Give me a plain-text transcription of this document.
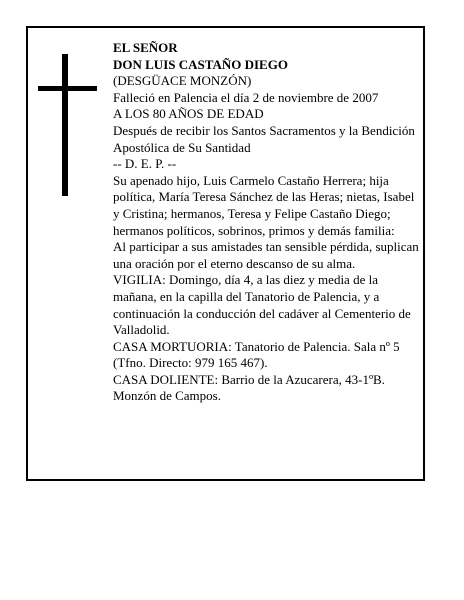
EL SEÑOR

DON LUIS CASTAÑO DIEGO

(DESGÜACE MONZÓN)

Falleció en Palencia el día 2 de noviembre de 2007

A LOS 80 AÑOS DE EDAD

Después de recibir los Santos Sacramentos y la Bendición Apostólica de Su Santidad

-- D. E. P. --

Su apenado hijo, Luis Carmelo Castaño Herrera; hija política, María Teresa Sánchez de las Heras; nietas, Isabel y Cristina; hermanos, Teresa y Felipe Castaño Diego; hermanos políticos, sobrinos, primos y demás familia:

Al participar a sus amistades tan sensible pérdida, suplican una oración por el eterno descanso de su alma.

VIGILIA: Domingo, día 4, a las diez y media de la mañana, en la capilla del Tanatorio de Palencia, y a continuación la conducción del cadáver al Cementerio de Valladolid.

CASA MORTUORIA: Tanatorio de Palencia. Sala nº 5 (Tfno. Directo: 979 165 467).

CASA DOLIENTE: Barrio de la Azucarera, 43-1ºB. Monzón de Campos.
